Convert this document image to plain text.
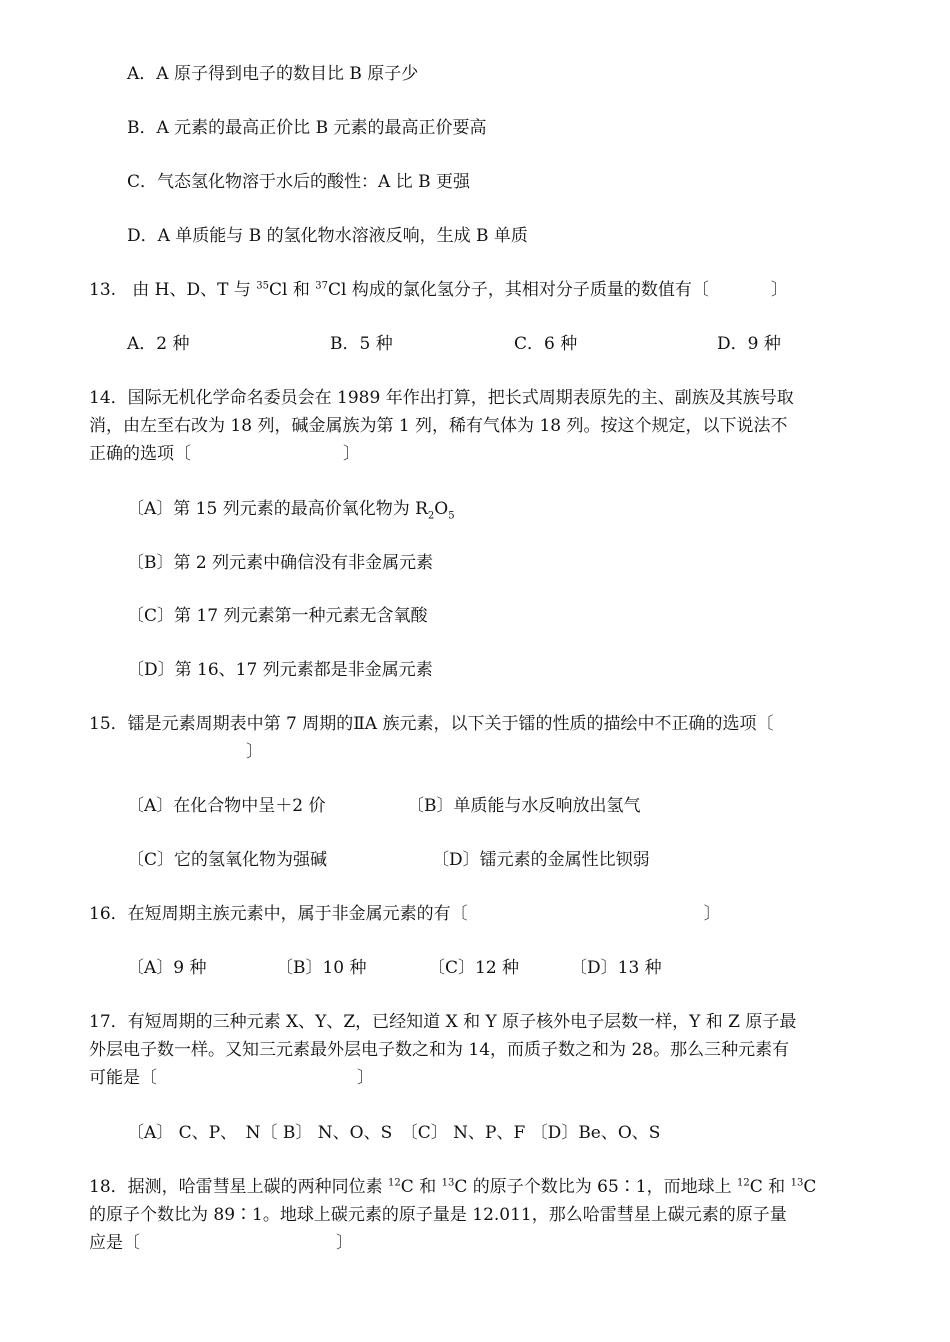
A．A 原子得到电子的数目比 B 原子少
B．A 元素的最高正价比 B 元素的最高正价要高
C．气态氢化物溶于水后的酸性：A 比 B 更强
D．A 单质能与 B 的氢化物水溶液反响，生成 B 单质
13. 由 H、D、T 与 $^{35}$Cl 和 $^{37}$Cl 构成的氯化氢分子，其相对分子质量的数值有〔	〕
A．2 种	B．5 种	C．6 种	D．9 种
14．国际无机化学命名委员会在 1989 年作出打算，把长式周期表原先的主、副族及其族号取
消，由左至右改为 18 列，碱金属族为第 1 列，稀有气体为 18 列。按这个规定，以下说法不
正确的选项〔	〕
〔A〕第 15 列元素的最高价氧化物为 $R_2O_5$
〔B〕第 2 列元素中确信没有非金属元素
〔C〕第 17 列元素第一种元素无含氧酸
〔D〕第 16、17 列元素都是非金属元素
15．镭是元素周期表中第 7 周期的ⅡA 族元素，以下关于镭的性质的描绘中不正确的选项〔
〕
〔A〕在化合物中呈＋2 价	〔B〕单质能与水反响放出氢气
〔C〕它的氢氧化物为强碱	〔D〕镭元素的金属性比钡弱
16．在短周期主族元素中，属于非金属元素的有〔	〕
〔A〕9 种	〔B〕10 种	〔C〕12 种	〔D〕13 种
17．有短周期的三种元素 X、Y、Z，已经知道 X 和 Y 原子核外电子层数一样，Y 和 Z 原子最
外层电子数一样。又知三元素最外层电子数之和为 14，而质子数之和为 28。那么三种元素有
可能是〔	〕
〔A〕 C、P、　N〔 B〕 N、O、S　〔C〕 N、P、F 〔D〕Be、O、S
18．据测，哈雷彗星上碳的两种同位素 $^{12}$C 和 $^{13}$C 的原子个数比为 65∶1，而地球上 $^{12}$C 和 $^{13}$C
的原子个数比为 89∶1。地球上碳元素的原子量是 12.011，那么哈雷彗星上碳元素的原子量
应是〔	〕
